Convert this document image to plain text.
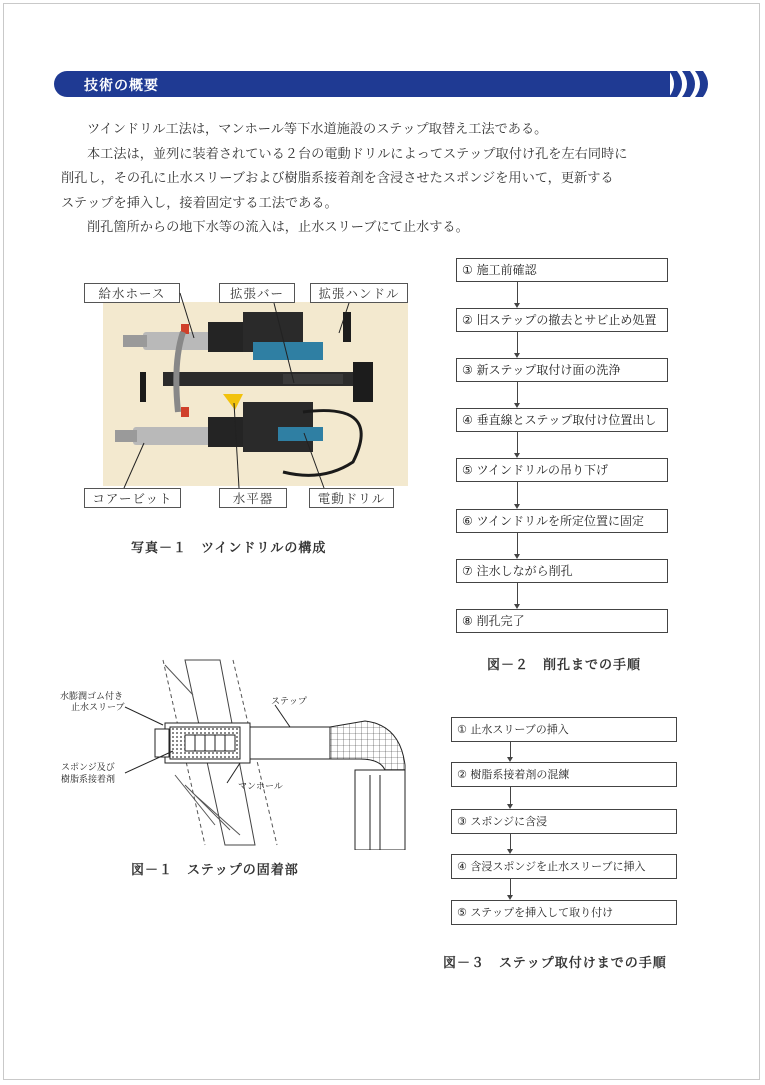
技術の概要

ツインドリル工法は，マンホール等下水道施設のステップ取替え工法である。

本工法は，並列に装着されている２台の電動ドリルによってステップ取付け孔を左右同時に

削孔し，その孔に止水スリーブおよび樹脂系接着剤を含浸させたスポンジを用いて，更新する

ステップを挿入し，接着固定する工法である。

削孔箇所からの地下水等の流入は，止水スリーブにて止水する。

給水ホース	拡張バー	拡張ハンドル
コアービット	水平器	電動ドリル
写真－１　ツインドリルの構成
① 施工前確認
② 旧ステップの撤去とサビ止め処置
③ 新ステップ取付け面の洗浄
④ 垂直線とステップ取付け位置出し
⑤ ツインドリルの吊り下げ
⑥ ツインドリルを所定位置に固定
⑦ 注水しながら削孔
⑧ 削孔完了
図－２　削孔までの手順
水膨潤ゴム付き
止水スリーブ
ステップ
スポンジ及び
樹脂系接着剤
マンホール
図－１　ステップの固着部
① 止水スリーブの挿入
② 樹脂系接着剤の混練
③ スポンジに含浸
④ 含浸スポンジを止水スリーブに挿入
⑤ ステップを挿入して取り付け
図－３　ステップ取付けまでの手順
